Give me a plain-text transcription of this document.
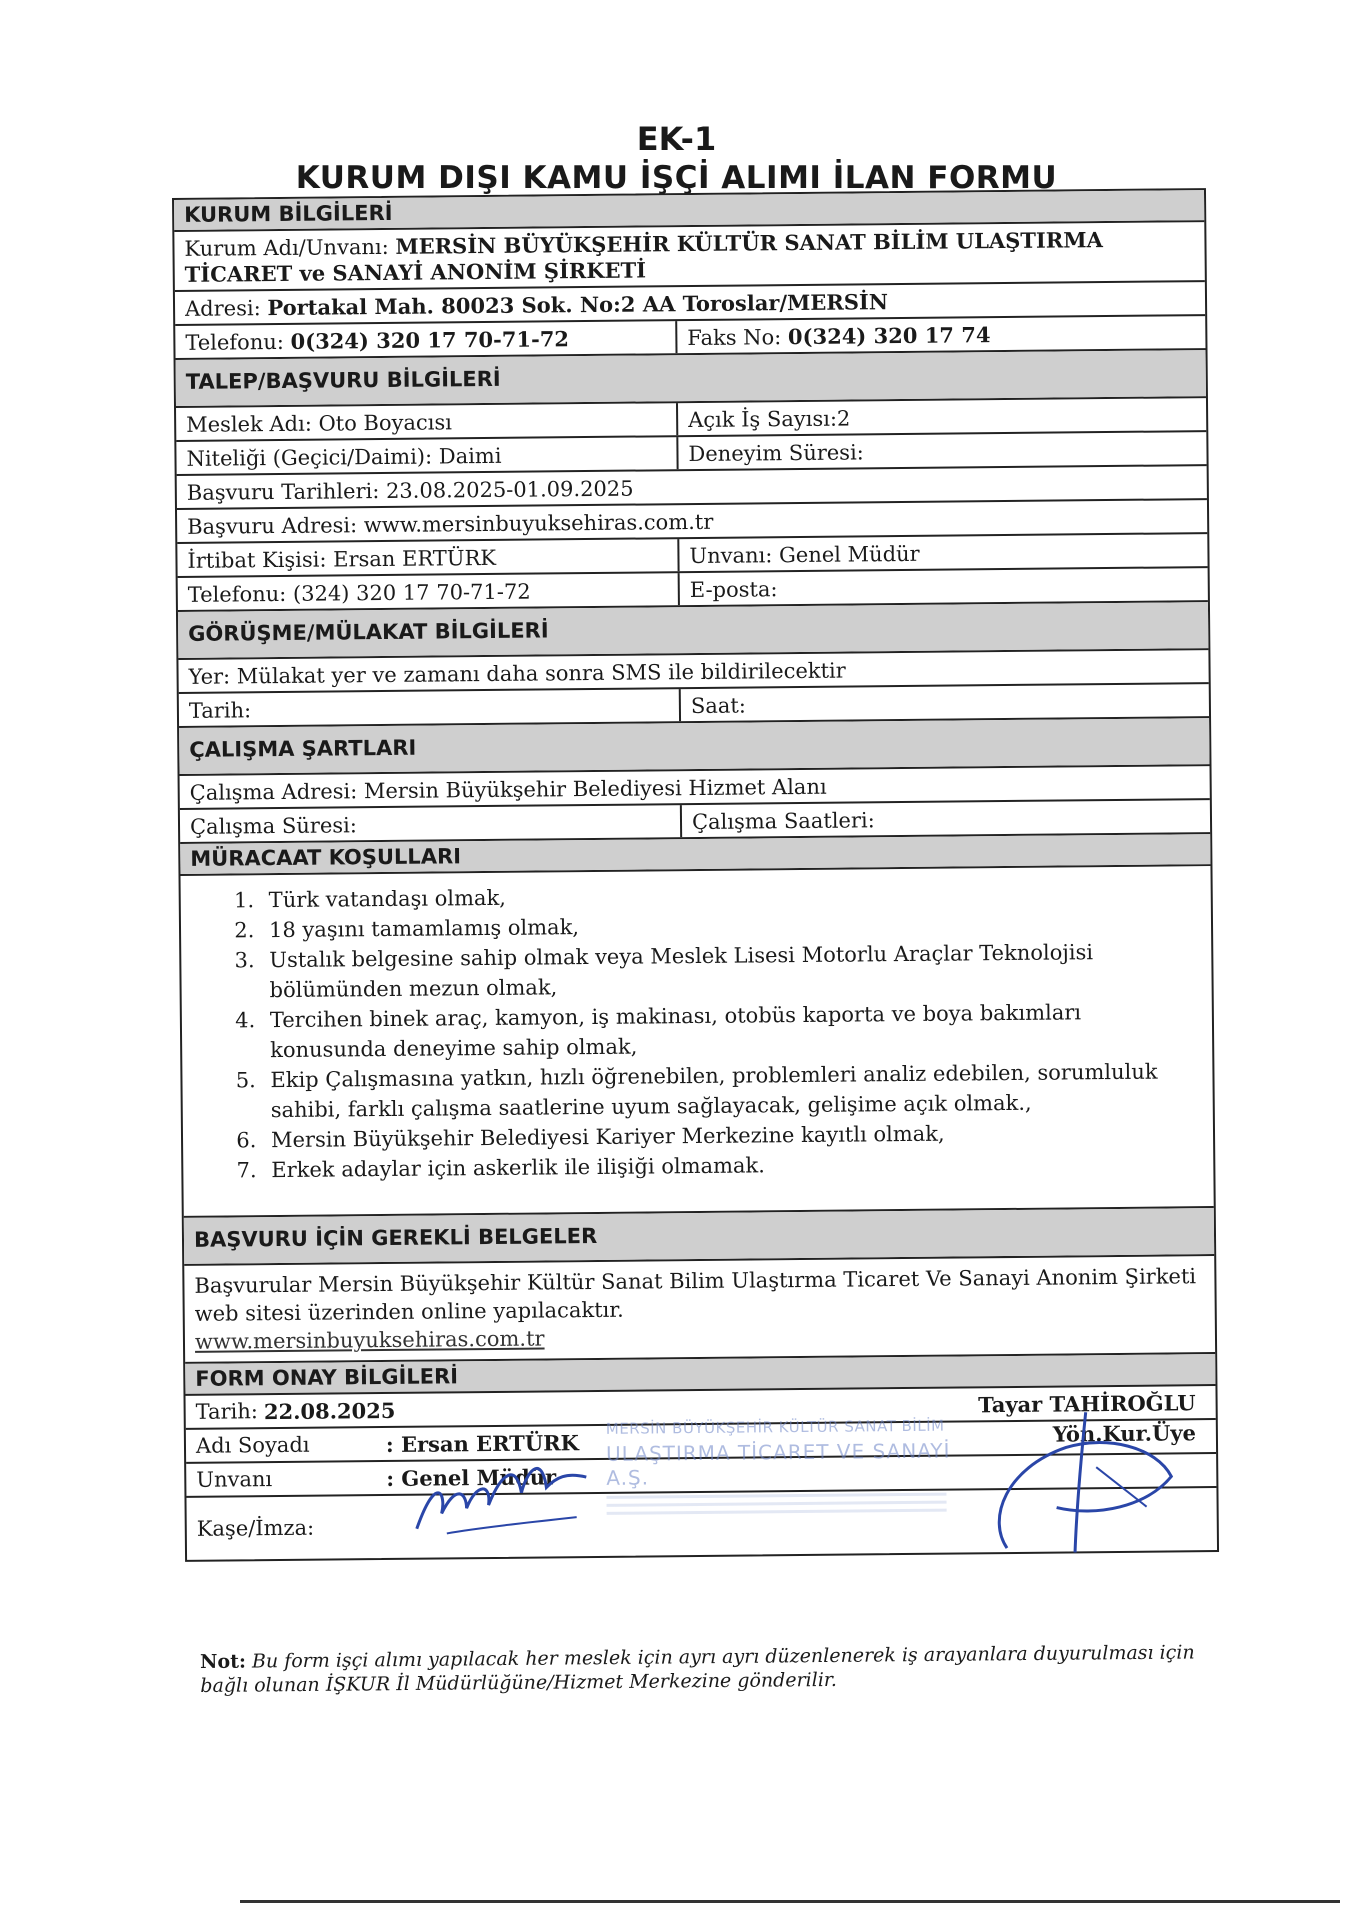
EK-1
KURUM DIŞI KAMU İŞÇİ ALIMI İLAN FORMU
KURUM BİLGİLERİ
Kurum Adı/Unvanı: MERSİN BÜYÜKŞEHİR KÜLTÜR SANAT BİLİM ULAŞTIRMA TİCARET ve SANAYİ ANONİM ŞİRKETİ
Adresi: Portakal Mah. 80023 Sok. No:2 AA Toroslar/MERSİN
Telefonu: 0(324) 320 17 70-71-72	Faks No: 0(324) 320 17 74
TALEP/BAŞVURU BİLGİLERİ
Meslek Adı: Oto Boyacısı	Açık İş Sayısı:2
Niteliği (Geçici/Daimi): Daimi	Deneyim Süresi:
Başvuru Tarihleri: 23.08.2025-01.09.2025
Başvuru Adresi: www.mersinbuyuksehiras.com.tr
İrtibat Kişisi: Ersan ERTÜRK	Unvanı: Genel Müdür
Telefonu: (324) 320 17 70-71-72	E-posta:
GÖRÜŞME/MÜLAKAT BİLGİLERİ
Yer: Mülakat yer ve zamanı daha sonra SMS ile bildirilecektir
Tarih:	Saat:
ÇALIŞMA ŞARTLARI
Çalışma Adresi: Mersin Büyükşehir Belediyesi Hizmet Alanı
Çalışma Süresi:	Çalışma Saatleri:
MÜRACAAT KOŞULLARI
1. Türk vatandaşı olmak,
2. 18 yaşını tamamlamış olmak,
3. Ustalık belgesine sahip olmak veya Meslek Lisesi Motorlu Araçlar Teknolojisi bölümünden mezun olmak,
4. Tercihen binek araç, kamyon, iş makinası, otobüs kaporta ve boya bakımları konusunda deneyime sahip olmak,
5. Ekip Çalışmasına yatkın, hızlı öğrenebilen, problemleri analiz edebilen, sorumluluk sahibi, farklı çalışma saatlerine uyum sağlayacak, gelişime açık olmak.,
6. Mersin Büyükşehir Belediyesi Kariyer Merkezine kayıtlı olmak,
7. Erkek adaylar için askerlik ile ilişiği olmamak.
BAŞVURU İÇİN GEREKLİ BELGELER
Başvurular Mersin Büyükşehir Kültür Sanat Bilim Ulaştırma Ticaret Ve Sanayi Anonim Şirketi web sitesi üzerinden online yapılacaktır.
www.mersinbuyuksehiras.com.tr
FORM ONAY BİLGİLERİ
Tarih: 22.08.2025
Adı Soyadı	: Ersan ERTÜRK
Unvanı	: Genel Müdür
Kaşe/İmza:
Tayar TAHİROĞLU
Yön.Kur.Üye
MERSİN BÜYÜKŞEHİR KÜLTÜR SANAT BİLİM
ULAŞTIRMA TİCARET VE SANAYİ A.Ş.
Not: Bu form işçi alımı yapılacak her meslek için ayrı ayrı düzenlenerek iş arayanlara duyurulması için bağlı olunan İŞKUR İl Müdürlüğüne/Hizmet Merkezine gönderilir.
